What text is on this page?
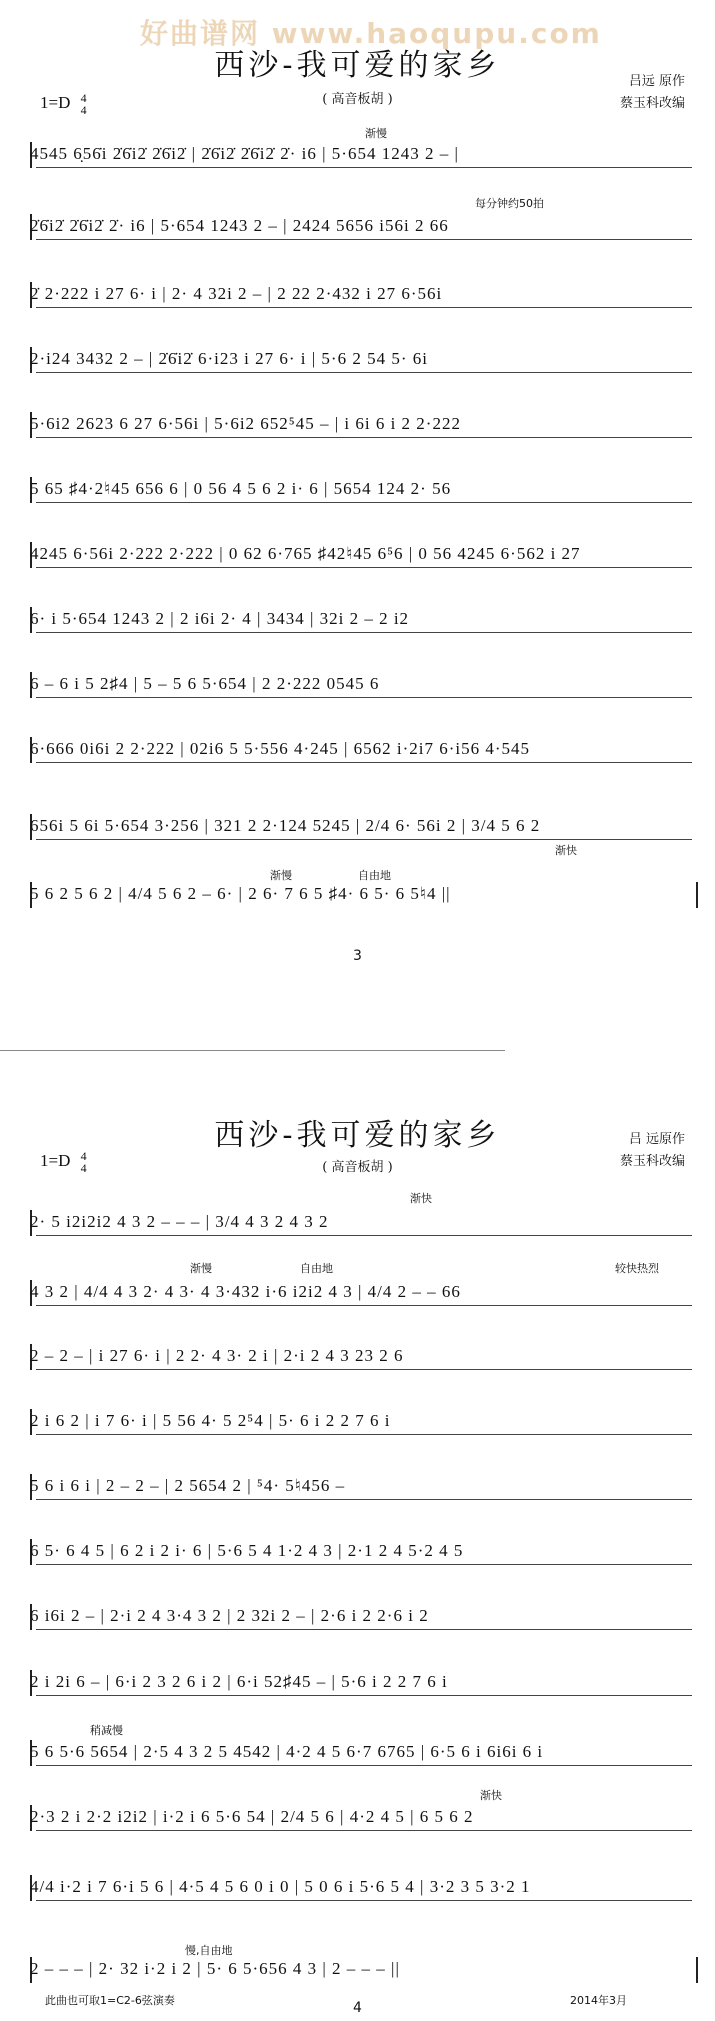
好曲谱网 www.haoqupu.com
西沙-我可爱的家乡
( 高音板胡 )
1=D 4
4
吕远 原作
蔡玉科改编
渐慢
每分钟约50拍
渐快
渐慢	自由地
4545 6̣56̇i 2̇6̇i2̇ 2̇6̇i2̇ | 2̇6̇i2̇ 2̇6̇i2̇ 2̇· i6 | 5·654 1243 2 – |
2̇6̇i2̇ 2̇6̇i2̇ 2̇· i6 | 5·654 1243 2 – | 2424 5656 i56i 2 66
2̇ 2·222 i 27 6· i | 2· 4 32i 2 – | 2 22 2·432 i 27 6·56i
2·i24 3432 2 – | 2̇6̇i2̇ 6·i23 i 27 6· i | 5·6 2 54 5· 6i
5·6i2 2623 6 27 6·56i | 5·6i2 652⁵45 – | i 6i 6 i 2 2·222
5 65 ♯4·2♮45 656 6 | 0 56 4 5 6 2 i· 6 | 5654 124 2· 56
4245 6·56i 2·222 2·222 | 0 62 6·765 ♯42♮45 6⁵6 | 0 56 4245 6·562 i 27
6· i 5·654 1243 2 | 2 i6i 2· 4 | 3434 | 32i 2 – 2 i2
6 – 6 i 5 2♯4 | 5 – 5 6 5·654 | 2 2·222 0545 6
6·666 0i6i 2 2·222 | 02i6 5 5·556 4·245 | 6562 i·2i7 6·i56 4·545
656i 5 6i 5·654 3·256 | 321 2 2·124 5245 | 2/4 6· 56i 2 | 3/4 5 6 2
5 6 2 5 6 2 | 4/4 5 6 2 – 6· | 2 6· 7 6 5 ♯4· 6 5· 6 5♮4 ||
3
西沙-我可爱的家乡
( 高音板胡 )
1=D 4
4
吕 远原作
蔡玉科改编
渐快
渐慢	自由地	较快热烈
稍减慢
渐快
慢,自由地
2· 5 i2i2i2 4 3 2 – – – | 3/4 4 3 2 4 3 2
4 3 2 | 4/4 4 3 2· 4 3· 4 3·432 i·6 i2i2 4 3 | 4/4 2 – – 66
2 – 2 – | i 27 6· i | 2 2· 4 3· 2 i | 2·i 2 4 3 23 2 6
2 i 6 2 | i 7 6· i | 5 56 4· 5 2⁵4 | 5· 6 i 2 2 7 6 i
5 6 i 6 i | 2 – 2 – | 2 5654 2 | ⁵4· 5♮456 –
6 5· 6 4 5 | 6 2 i 2 i· 6 | 5·6 5 4 1·2 4 3 | 2·1 2 4 5·2 4 5
6 i6i 2 – | 2·i 2 4 3·4 3 2 | 2 32i 2 – | 2·6 i 2 2·6 i 2
2 i 2i 6 – | 6·i 2 3 2 6 i 2 | 6·i 52♯45 – | 5·6 i 2 2 7 6 i
5 6 5·6 5654 | 2·5 4 3 2 5 4542 | 4·2 4 5 6·7 6765 | 6·5 6 i 6i6i 6 i
2·3 2 i 2·2 i2i2 | i·2 i 6 5·6 54 | 2/4 5 6 | 4·2 4 5 | 6 5 6 2
4/4 i·2 i 7 6·i 5 6 | 4·5 4 5 6 0 i 0 | 5 0 6 i 5·6 5 4 | 3·2 3 5 3·2 1
2 – – – | 2· 32 i·2 i 2 | 5· 6 5·656 4 3 | 2 – – – ||
此曲也可取1=C2-6弦演奏	2014年3月
4
